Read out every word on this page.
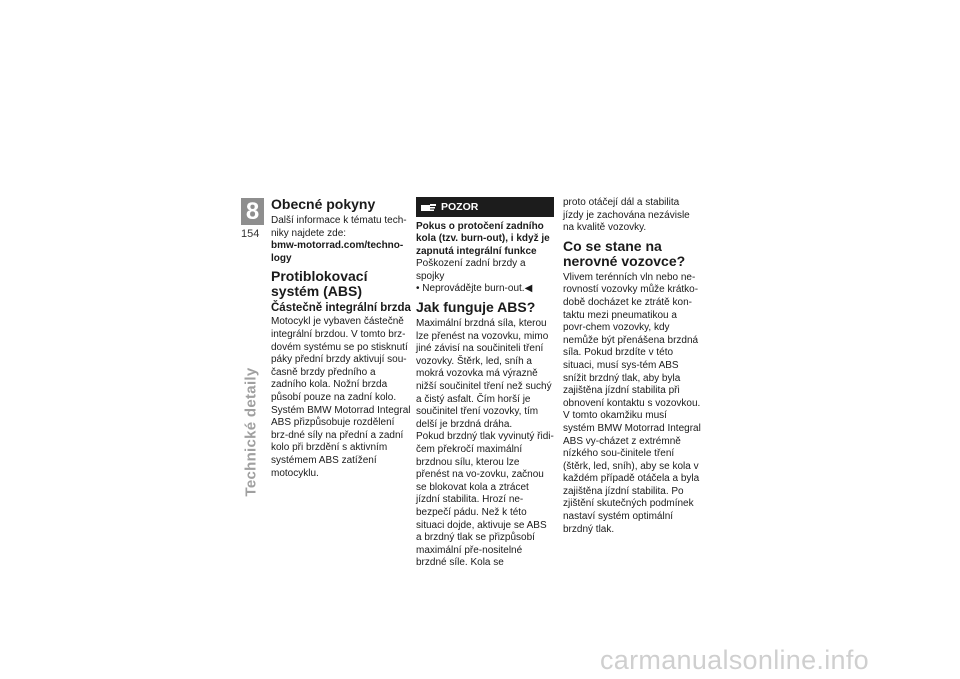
8
154
Technické detaily
Obecné pokyny

Další informace k tématu tech-niky najdete zde:

bmw-motorrad.com/techno-logy

Protiblokovací systém (ABS)
Částečně integrální brzda

Motocykl je vybaven částečně integrální brzdou. V tomto brz-dovém systému se po stisknutí páky přední brzdy aktivují sou-časně brzdy předního a zadního kola. Nožní brzda působí pouze na zadní kolo.

Systém BMW Motorrad Integral ABS přizpůsobuje rozdělení brz-dné síly na přední a zadní kolo při brzdění s aktivním systémem ABS zatížení motocyklu.

POZOR

Pokus o protočení zadního kola (tzv. burn-out), i když je zapnutá integrální funkce

Poškození zadní brzdy a spojky

• Neprovádějte burn-out.◀

Jak funguje ABS?

Maximální brzdná síla, kterou lze přenést na vozovku, mimo jiné závisí na součiniteli tření vozovky. Štěrk, led, sníh a mokrá vozovka má výrazně nižší součinitel tření než suchý a čistý asfalt. Čím horší je součinitel tření vozovky, tím delší je brzdná dráha.

Pokud brzdný tlak vyvinutý řidi-čem překročí maximální brzdnou sílu, kterou lze přenést na vo-zovku, začnou se blokovat kola a ztrácet jízdní stabilita. Hrozí ne-bezpečí pádu. Než k této situaci dojde, aktivuje se ABS a brzdný tlak se přizpůsobí maximální pře-nositelné brzdné síle. Kola se

proto otáčejí dál a stabilita jízdy je zachována nezávisle na kvalitě vozovky.

Co se stane na nerovné vozovce?

Vlivem terénních vln nebo ne-rovností vozovky může krátko-době docházet ke ztrátě kon-taktu mezi pneumatikou a povr-chem vozovky, kdy nemůže být přenášena brzdná síla. Pokud brzdíte v této situaci, musí sys-tém ABS snížit brzdný tlak, aby byla zajištěna jízdní stabilita při obnovení kontaktu s vozovkou.

V tomto okamžiku musí systém BMW Motorrad Integral ABS vy-cházet z extrémně nízkého sou-činitele tření (štěrk, led, sníh), aby se kola v každém případě otáčela a byla zajištěna jízdní stabilita. Po zjištění skutečných podmínek nastaví systém optimální brzdný tlak.

carmanualsonline.info
